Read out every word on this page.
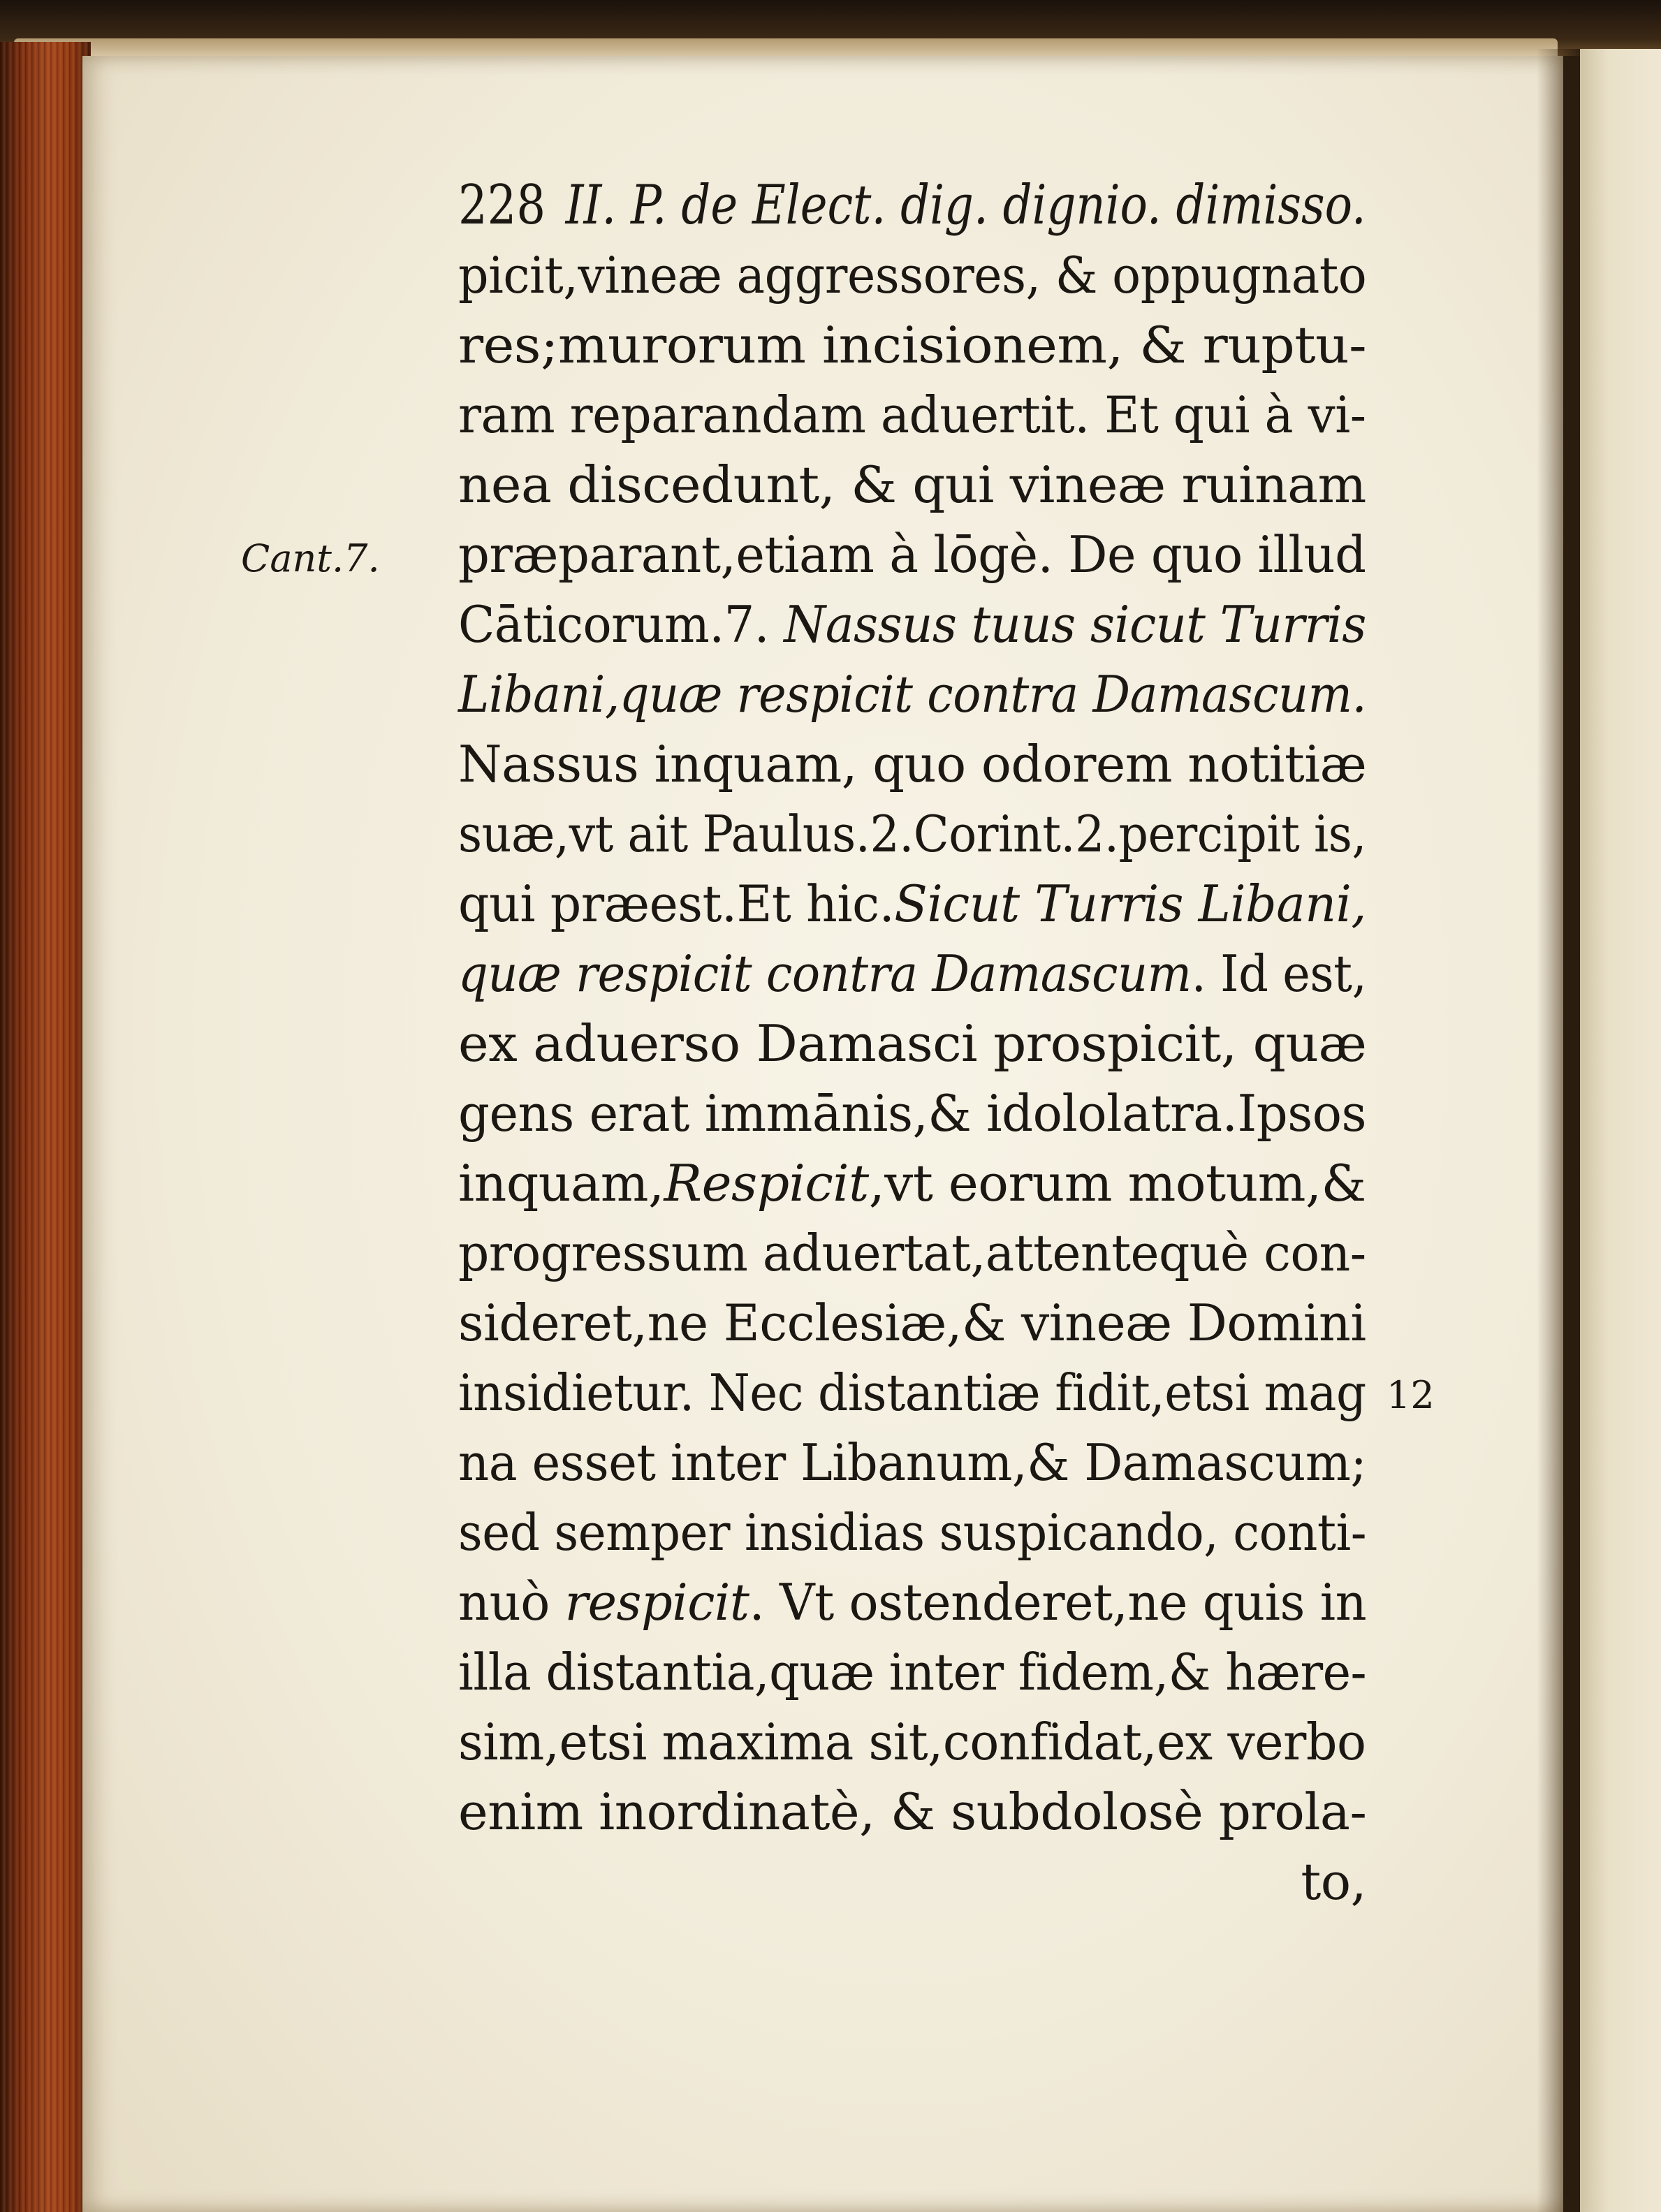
228 II. P. de Elect. dig. dignio. dimisso.
picit,vineæ aggressores, & oppugnato
res;murorum incisionem, & ruptu-
ram reparandam aduertit. Et qui à vi-
nea discedunt, & qui vineæ ruinam
præparant,etiam à lōgè. De quo illud
Cāticorum.7. Nassus tuus sicut Turris
Libani,quæ respicit contra Damascum.
Nassus inquam, quo odorem notitiæ
suæ,vt ait Paulus.2.Corint.2.percipit is,
qui præest.Et hic.Sicut Turris Libani,
quæ respicit contra Damascum. Id est,
ex aduerso Damasci prospicit, quæ
gens erat immānis,& idololatra.Ipsos
inquam,Respicit,vt eorum motum,&
progressum aduertat,attentequè con-
sideret,ne Ecclesiæ,& vineæ Domini
insidietur. Nec distantiæ fidit,etsi mag
na esset inter Libanum,& Damascum;
sed semper insidias suspicando, conti-
nuò respicit. Vt ostenderet,ne quis in
illa distantia,quæ inter fidem,& hære-
sim,etsi maxima sit,confidat,ex verbo
enim inordinatè, & subdolosè prola-
to,
Cant.7.
12
